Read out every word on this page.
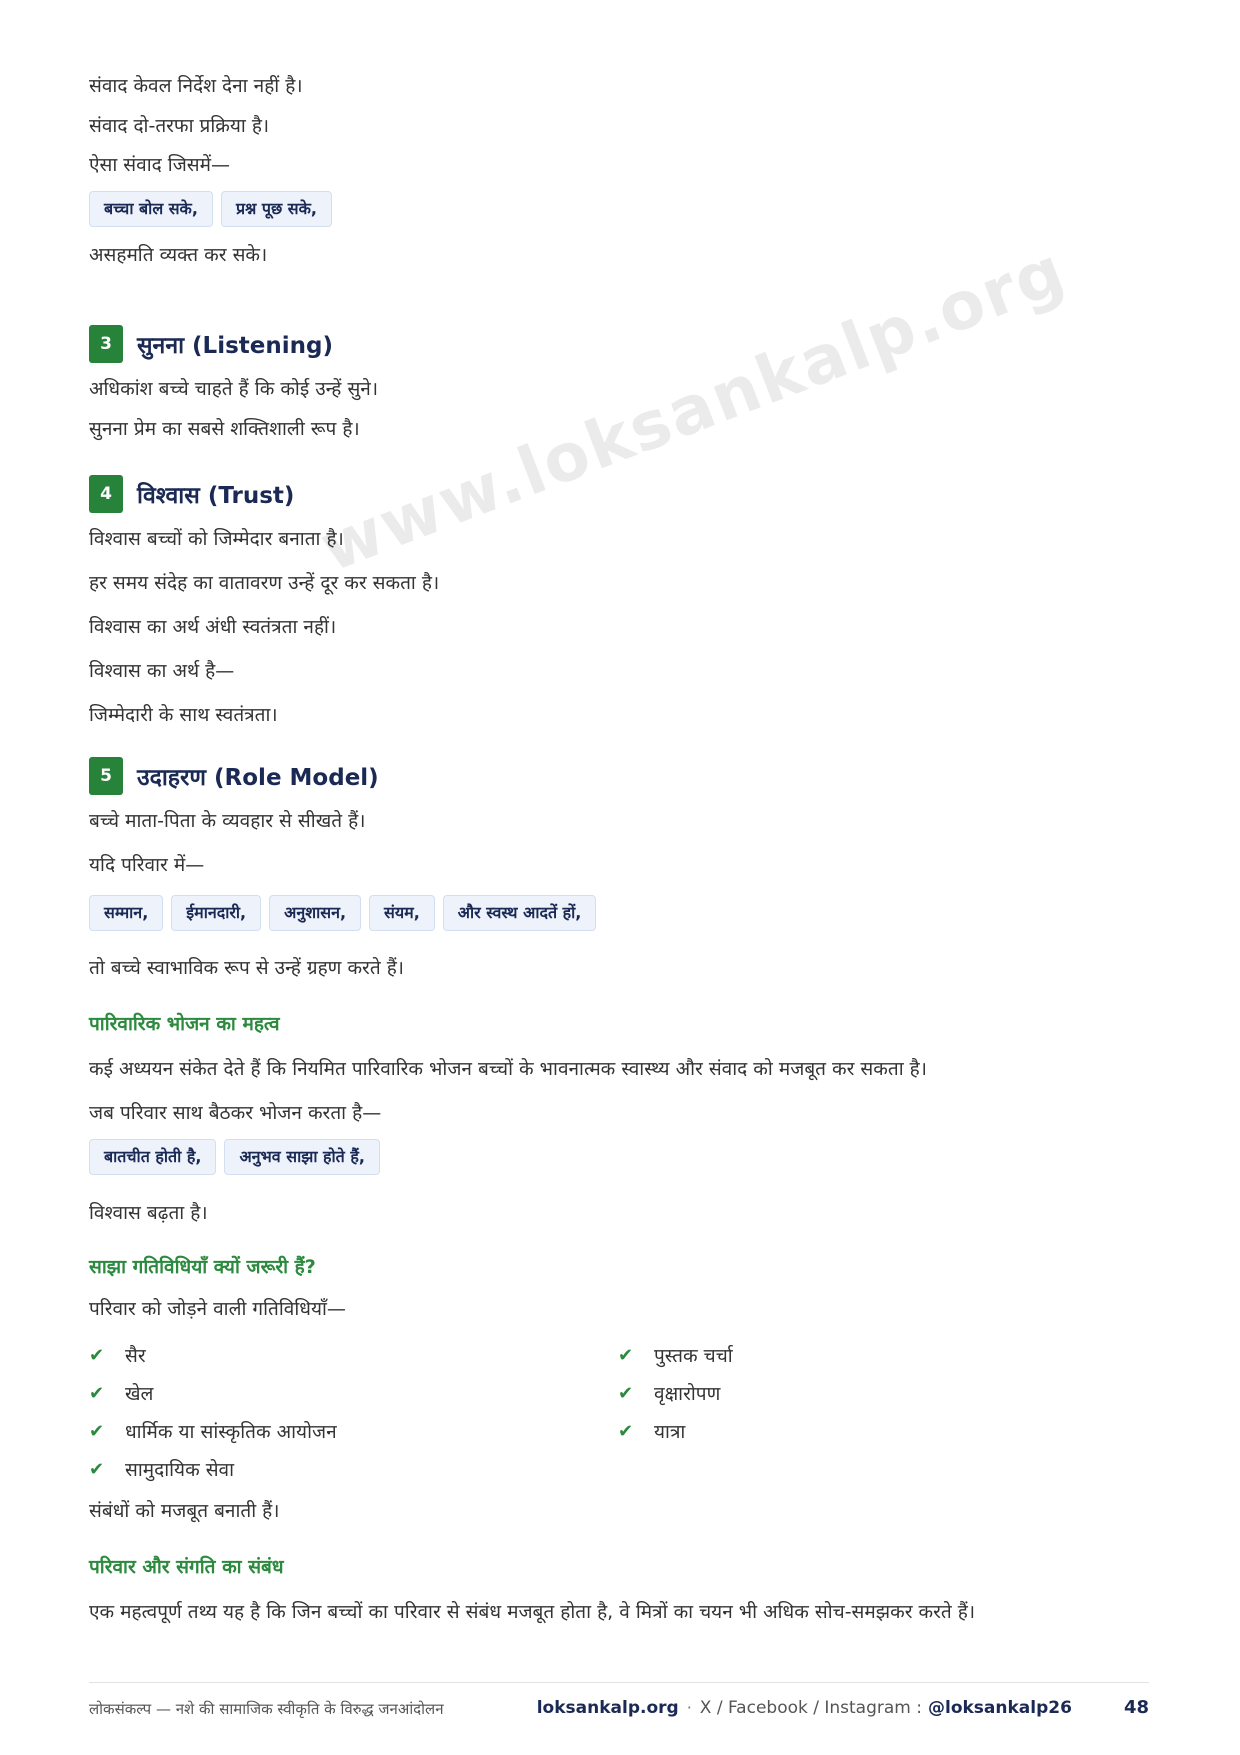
संवाद केवल निर्देश देना नहीं है।
संवाद दो-तरफा प्रक्रिया है।
ऐसा संवाद जिसमें—
बच्चा बोल सके,	प्रश्न पूछ सके,
असहमति व्यक्त कर सके।
3	सुनना (Listening)
अधिकांश बच्चे चाहते हैं कि कोई उन्हें सुने।
सुनना प्रेम का सबसे शक्तिशाली रूप है।
4	विश्वास (Trust)
विश्वास बच्चों को जिम्मेदार बनाता है।
हर समय संदेह का वातावरण उन्हें दूर कर सकता है।
विश्वास का अर्थ अंधी स्वतंत्रता नहीं।
विश्वास का अर्थ है—
जिम्मेदारी के साथ स्वतंत्रता।
5	उदाहरण (Role Model)
बच्चे माता-पिता के व्यवहार से सीखते हैं।
यदि परिवार में—
सम्मान,	ईमानदारी,	अनुशासन,	संयम,	और स्वस्थ आदतें हों,
तो बच्चे स्वाभाविक रूप से उन्हें ग्रहण करते हैं।
पारिवारिक भोजन का महत्व
कई अध्ययन संकेत देते हैं कि नियमित पारिवारिक भोजन बच्चों के भावनात्मक स्वास्थ्य और संवाद को मजबूत कर सकता है।
जब परिवार साथ बैठकर भोजन करता है—
बातचीत होती है,	अनुभव साझा होते हैं,
विश्वास बढ़ता है।
साझा गतिविधियाँ क्यों जरूरी हैं?
परिवार को जोड़ने वाली गतिविधियाँ—
✔	सैर
✔	खेल
✔	धार्मिक या सांस्कृतिक आयोजन
✔	सामुदायिक सेवा
✔	पुस्तक चर्चा
✔	वृक्षारोपण
✔	यात्रा
संबंधों को मजबूत बनाती हैं।
परिवार और संगति का संबंध
एक महत्वपूर्ण तथ्य यह है कि जिन बच्चों का परिवार से संबंध मजबूत होता है, वे मित्रों का चयन भी अधिक सोच-समझकर करते हैं।
लोकसंकल्प — नशे की सामाजिक स्वीकृति के विरुद्ध जनआंदोलन	loksankalp.org · X / Facebook / Instagram : @loksankalp26	48
www.loksankalp.org
